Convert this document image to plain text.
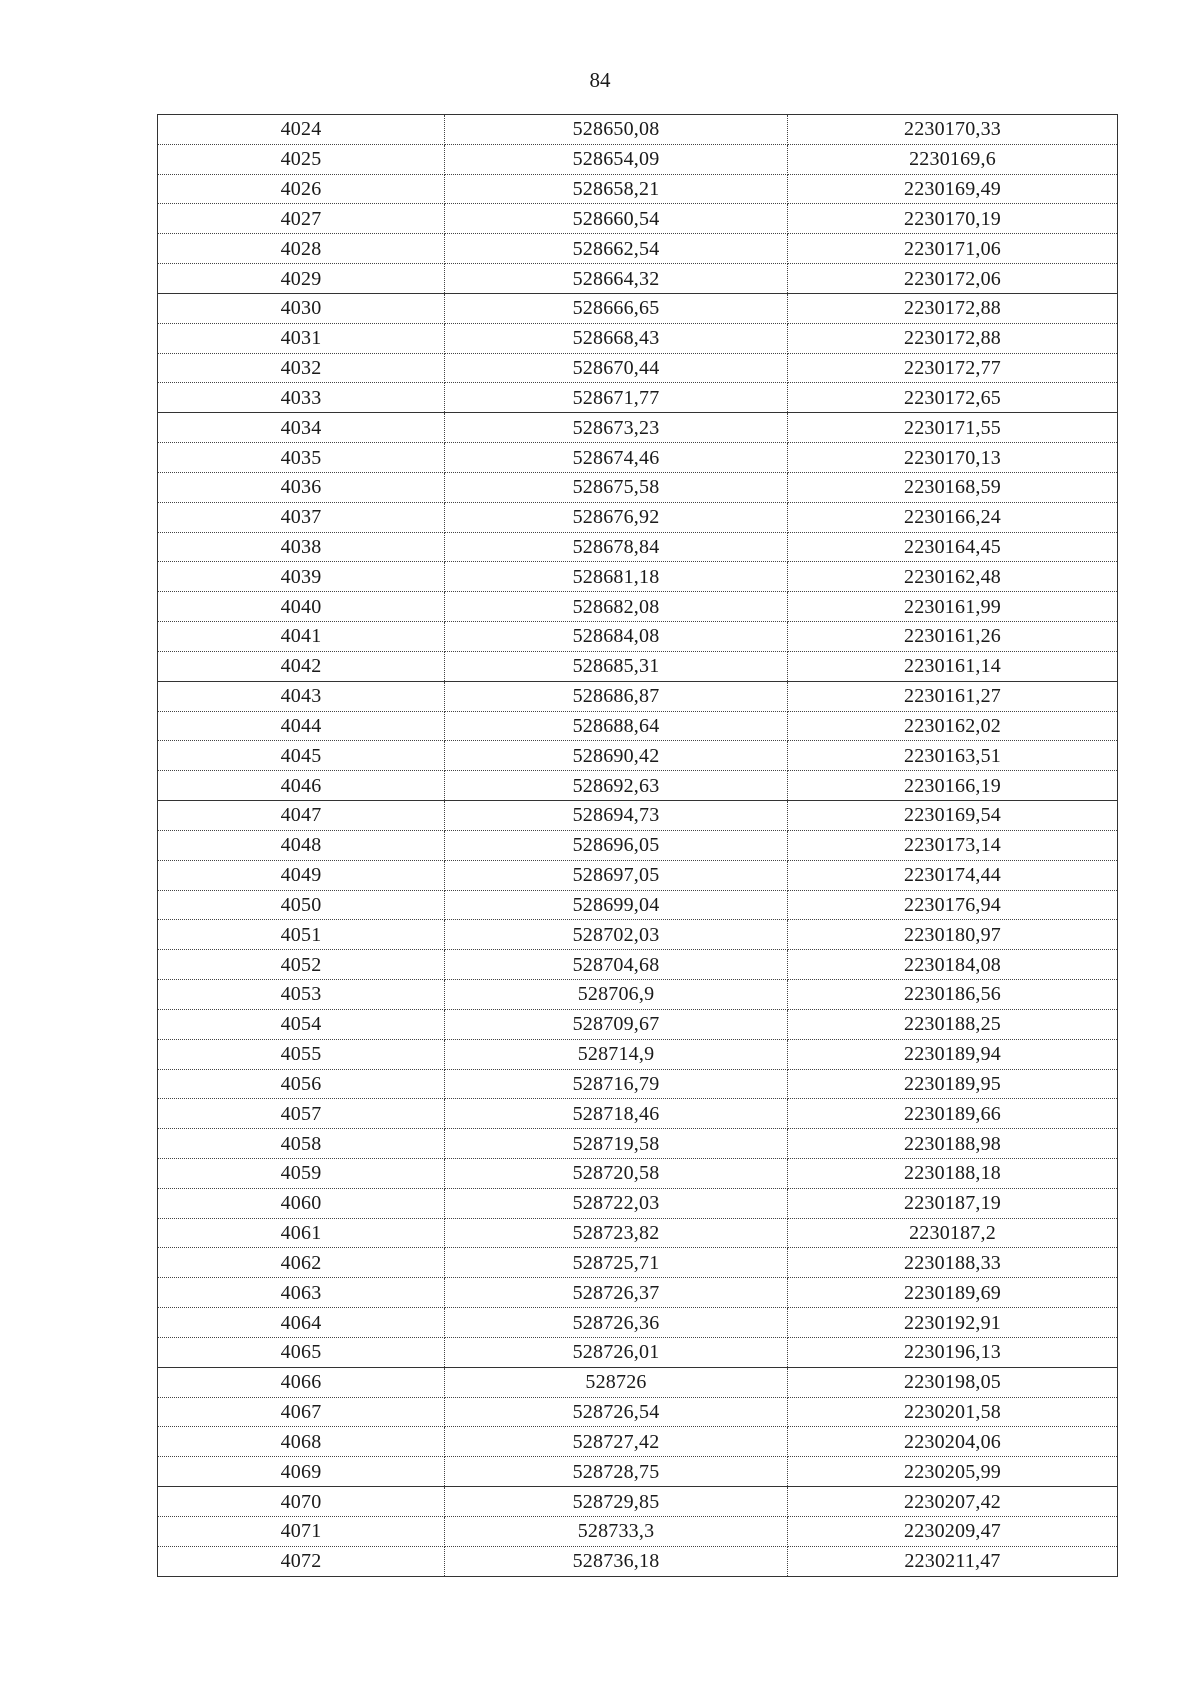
84
4024	528650,08	2230170,33
4025	528654,09	2230169,6
4026	528658,21	2230169,49
4027	528660,54	2230170,19
4028	528662,54	2230171,06
4029	528664,32	2230172,06
4030	528666,65	2230172,88
4031	528668,43	2230172,88
4032	528670,44	2230172,77
4033	528671,77	2230172,65
4034	528673,23	2230171,55
4035	528674,46	2230170,13
4036	528675,58	2230168,59
4037	528676,92	2230166,24
4038	528678,84	2230164,45
4039	528681,18	2230162,48
4040	528682,08	2230161,99
4041	528684,08	2230161,26
4042	528685,31	2230161,14
4043	528686,87	2230161,27
4044	528688,64	2230162,02
4045	528690,42	2230163,51
4046	528692,63	2230166,19
4047	528694,73	2230169,54
4048	528696,05	2230173,14
4049	528697,05	2230174,44
4050	528699,04	2230176,94
4051	528702,03	2230180,97
4052	528704,68	2230184,08
4053	528706,9	2230186,56
4054	528709,67	2230188,25
4055	528714,9	2230189,94
4056	528716,79	2230189,95
4057	528718,46	2230189,66
4058	528719,58	2230188,98
4059	528720,58	2230188,18
4060	528722,03	2230187,19
4061	528723,82	2230187,2
4062	528725,71	2230188,33
4063	528726,37	2230189,69
4064	528726,36	2230192,91
4065	528726,01	2230196,13
4066	528726	2230198,05
4067	528726,54	2230201,58
4068	528727,42	2230204,06
4069	528728,75	2230205,99
4070	528729,85	2230207,42
4071	528733,3	2230209,47
4072	528736,18	2230211,47
